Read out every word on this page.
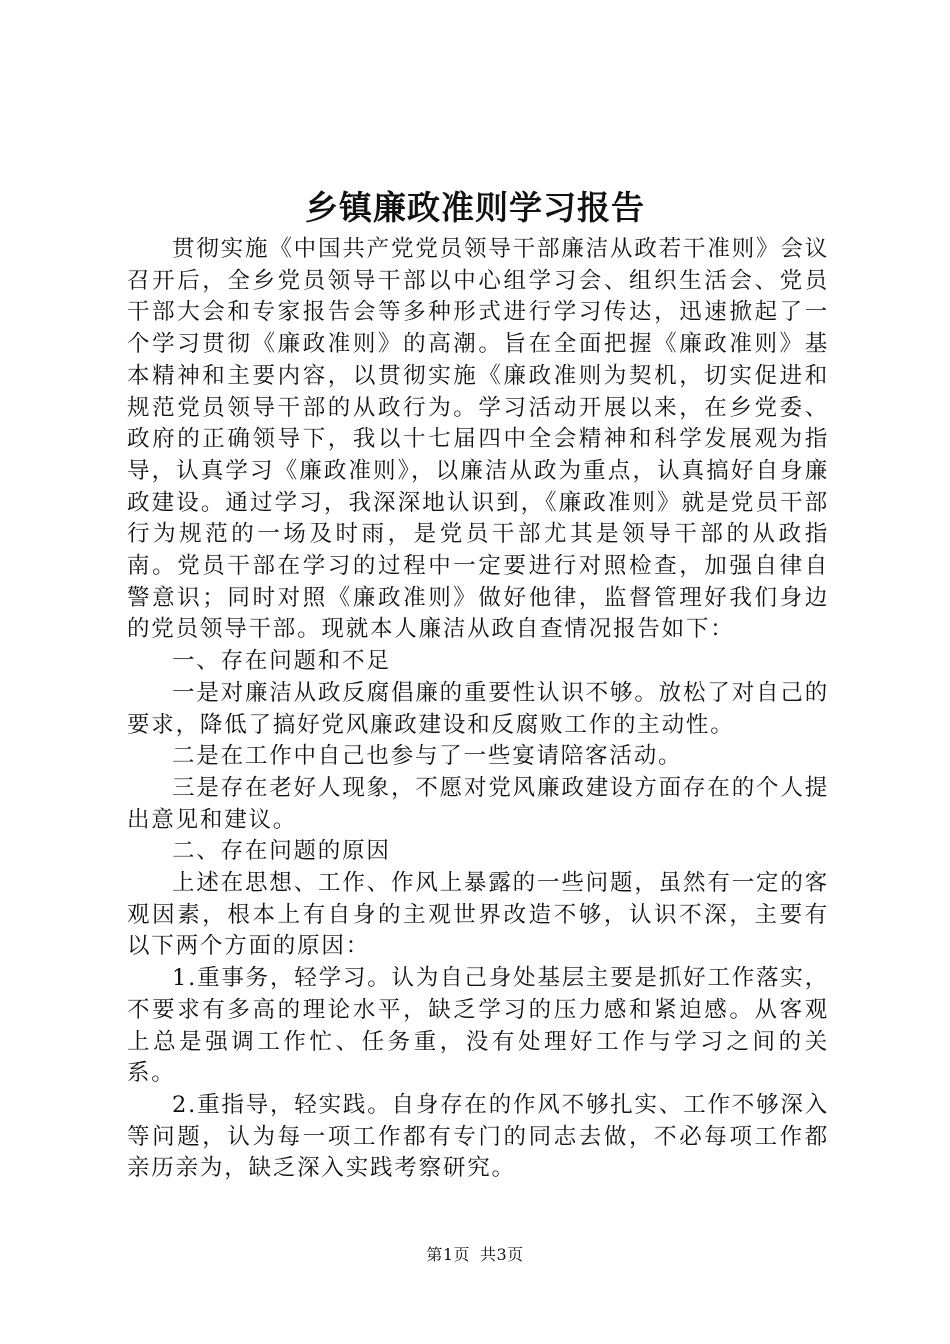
乡镇廉政准则学习报告

贯彻实施《中国共产党党员领导干部廉洁从政若干准则》会议召开后，全乡党员领导干部以中心组学习会、组织生活会、党员干部大会和专家报告会等多种形式进行学习传达，迅速掀起了一个学习贯彻《廉政准则》的高潮。旨在全面把握《廉政准则》基本精神和主要内容，以贯彻实施《廉政准则为契机，切实促进和规范党员领导干部的从政行为。学习活动开展以来，在乡党委、政府的正确领导下，我以十七届四中全会精神和科学发展观为指导，认真学习《廉政准则》，以廉洁从政为重点，认真搞好自身廉政建设。通过学习，我深深地认识到，《廉政准则》就是党员干部行为规范的一场及时雨，是党员干部尤其是领导干部的从政指南。党员干部在学习的过程中一定要进行对照检查，加强自律自警意识；同时对照《廉政准则》做好他律，监督管理好我们身边的党员领导干部。现就本人廉洁从政自查情况报告如下：

一、存在问题和不足

一是对廉洁从政反腐倡廉的重要性认识不够。放松了对自己的要求，降低了搞好党风廉政建设和反腐败工作的主动性。

二是在工作中自己也参与了一些宴请陪客活动。

三是存在老好人现象，不愿对党风廉政建设方面存在的个人提出意见和建议。

二、存在问题的原因

上述在思想、工作、作风上暴露的一些问题，虽然有一定的客观因素，根本上有自身的主观世界改造不够，认识不深，主要有以下两个方面的原因：

1.重事务，轻学习。认为自己身处基层主要是抓好工作落实，不要求有多高的理论水平，缺乏学习的压力感和紧迫感。从客观上总是强调工作忙、任务重，没有处理好工作与学习之间的关系。

2.重指导，轻实践。自身存在的作风不够扎实、工作不够深入等问题，认为每一项工作都有专门的同志去做，不必每项工作都亲历亲为，缺乏深入实践考察研究。

第1页 共3页
